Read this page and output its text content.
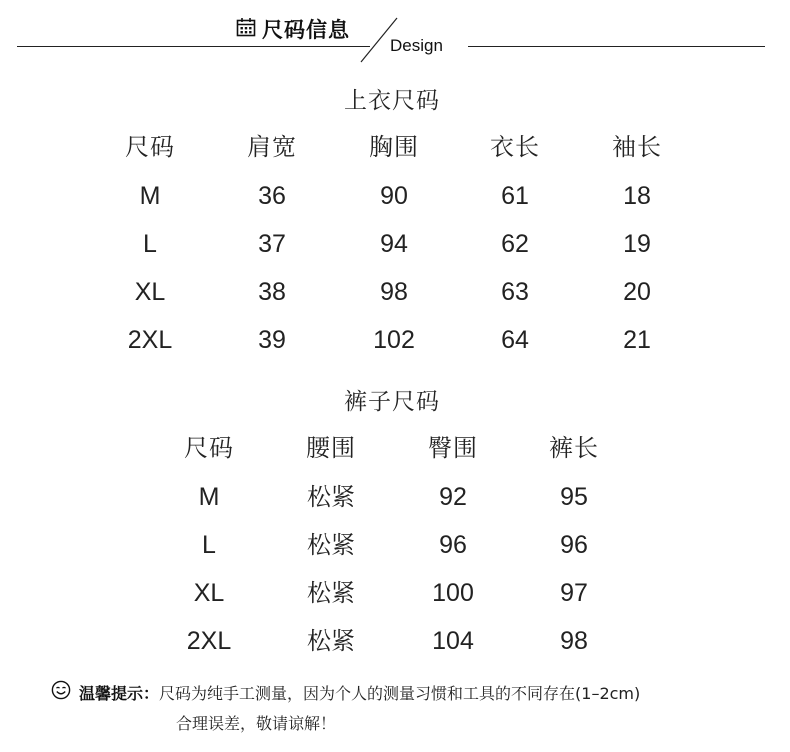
尺码信息
Design
上衣尺码
尺码	肩宽	胸围	衣长	袖长
M	36	90	61	18
L	37	94	62	19
XL	38	98	63	20
2XL	39	102	64	21
裤子尺码
尺码	腰围	臀围	裤长
M	松紧	92	95
L	松紧	96	96
XL	松紧	100	97
2XL	松紧	104	98
温馨提示： 尺码为纯手工测量，因为个人的测量习惯和工具的不同存在(1–2cm)
合理误差，敬请谅解！
